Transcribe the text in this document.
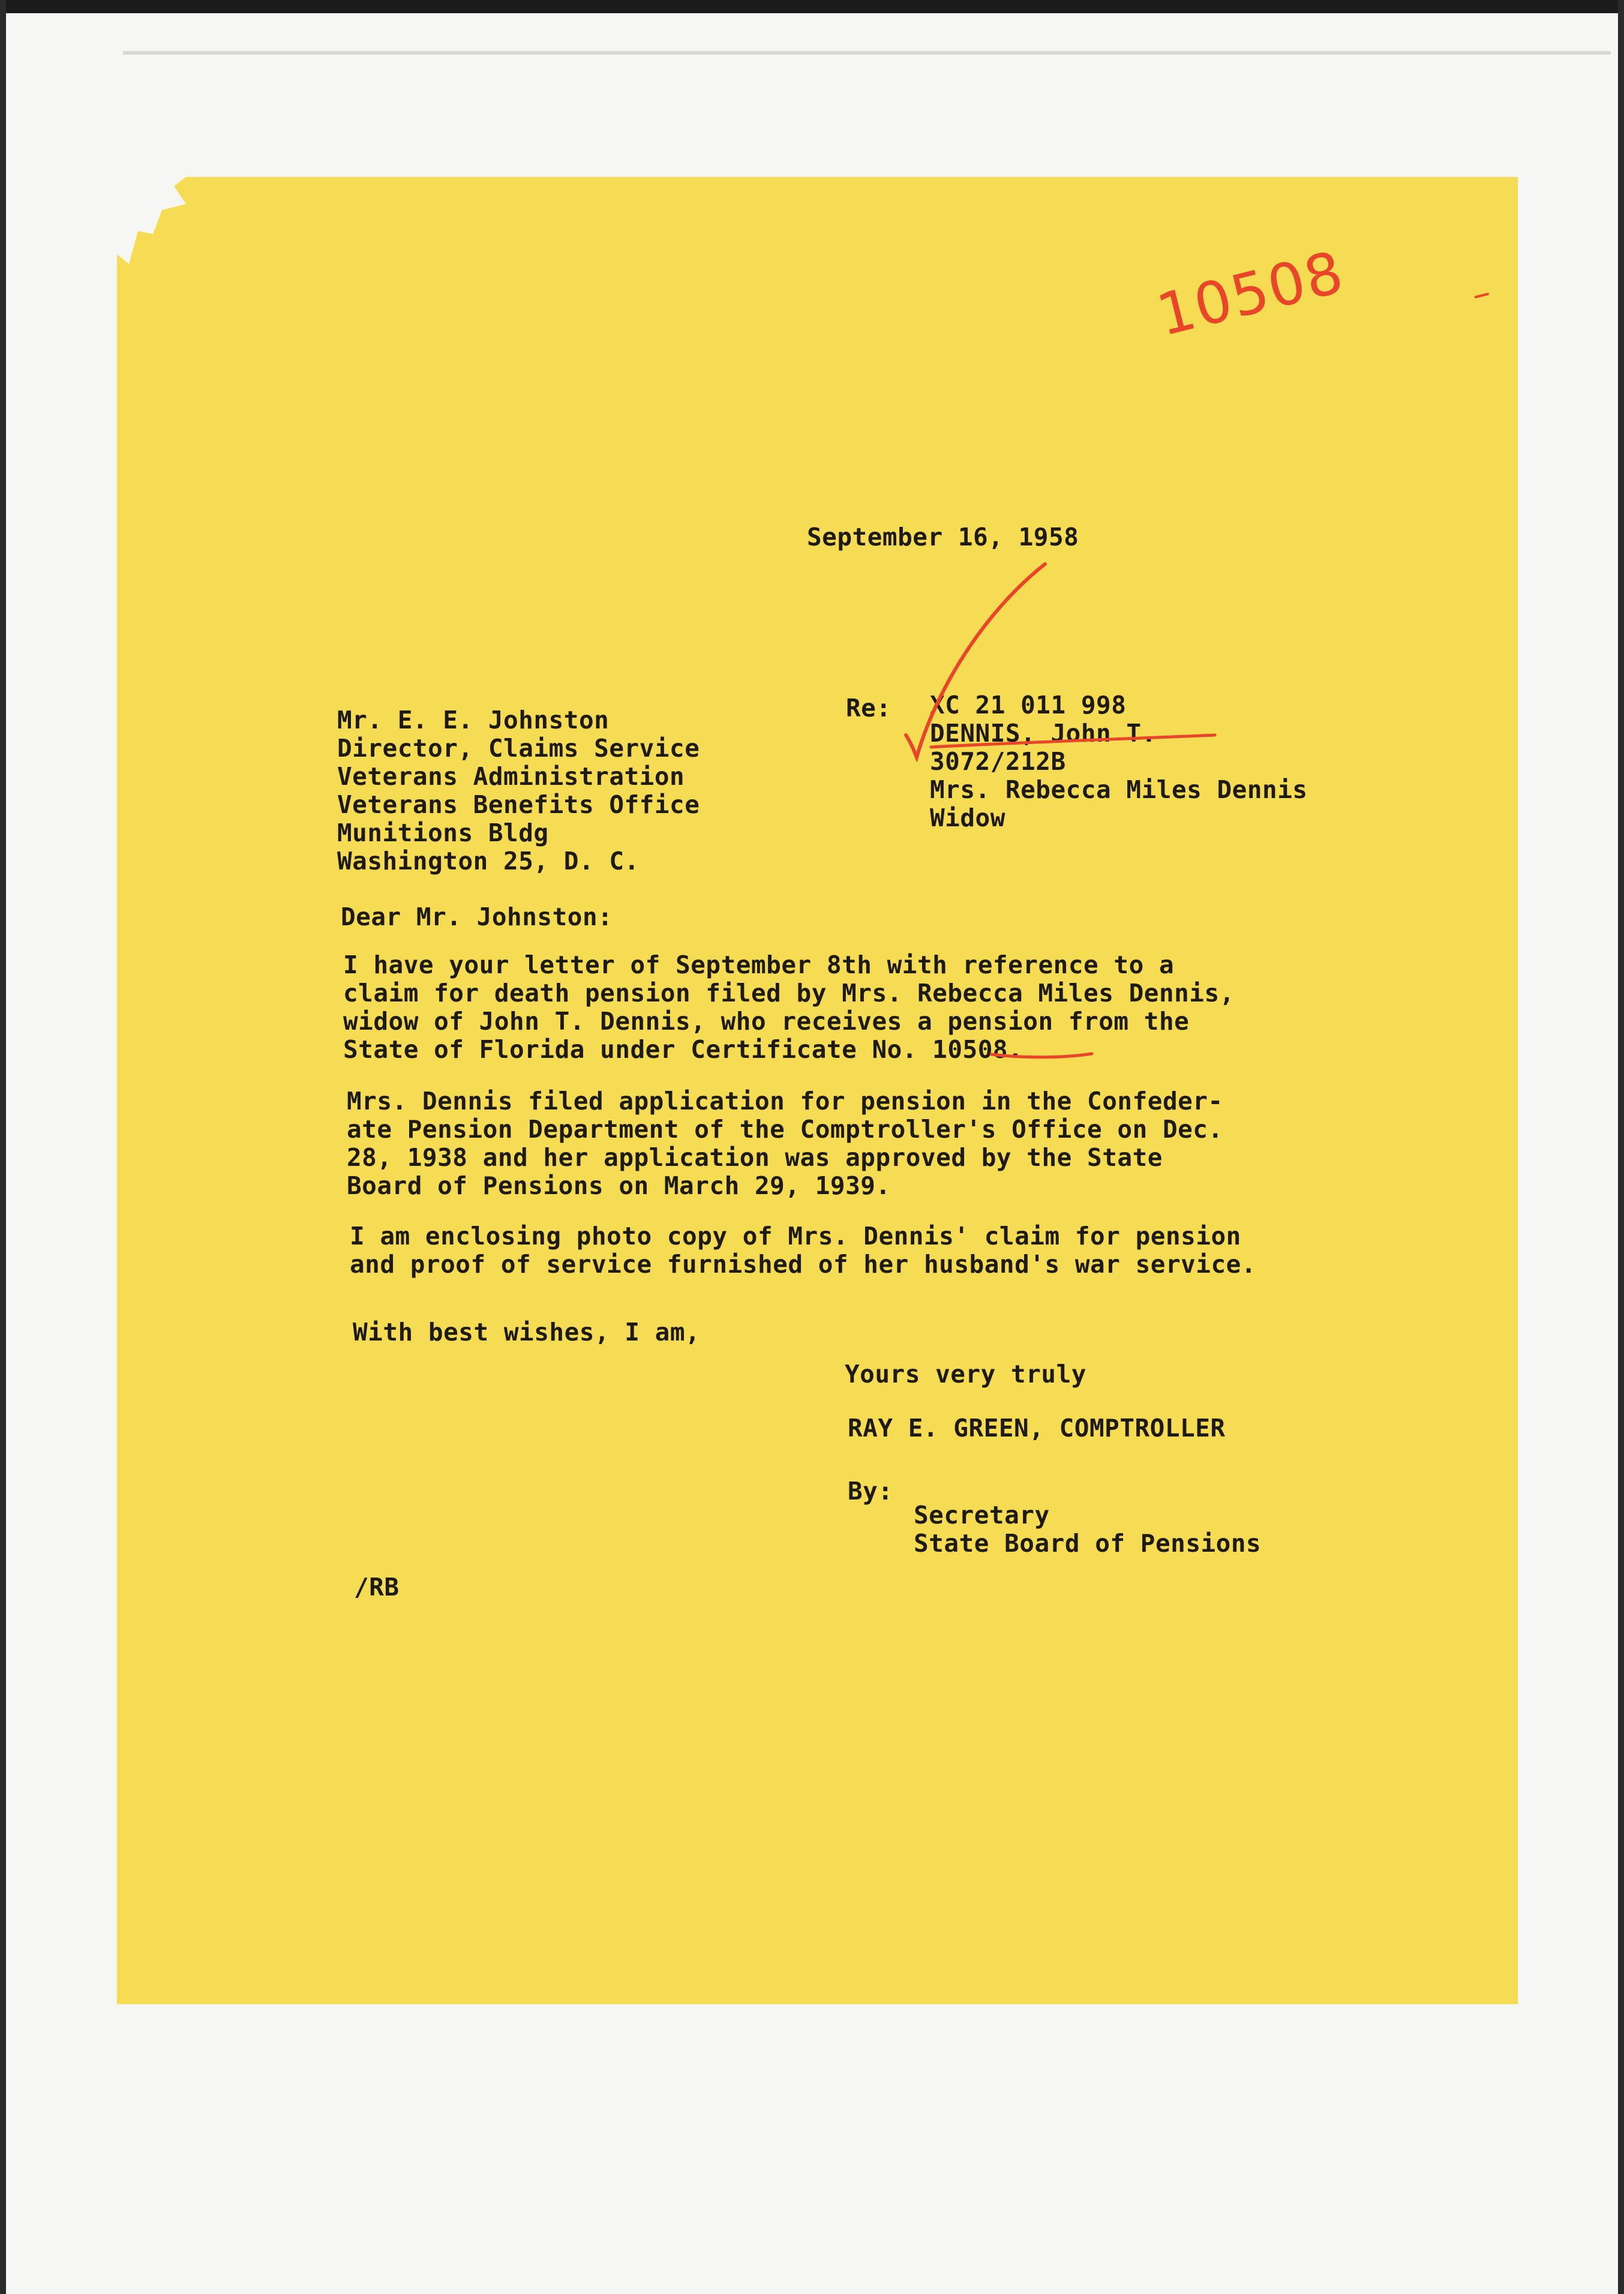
10508

September 16, 1958

Mr. E. E. Johnston
Director, Claims Service
Veterans Administration
Veterans Benefits Office
Munitions Bldg
Washington 25, D. C.

Re: XC 21 011 998
DENNIS, John T.
3072/212B
Mrs. Rebecca Miles Dennis
Widow

Dear Mr. Johnston:

I have your letter of September 8th with reference to a
claim for death pension filed by Mrs. Rebecca Miles Dennis,
widow of John T. Dennis, who receives a pension from the
State of Florida under Certificate No. 10508.
Mrs. Dennis filed application for pension in the Confeder-
ate Pension Department of the Comptroller's Office on Dec.
28, 1938 and her application was approved by the State
Board of Pensions on March 29, 1939.
I am enclosing photo copy of Mrs. Dennis' claim for pension
and proof of service furnished of her husband's war service.

With best wishes, I am,

Yours very truly

RAY E. GREEN, COMPTROLLER

By:

Secretary
State Board of Pensions

/RB
